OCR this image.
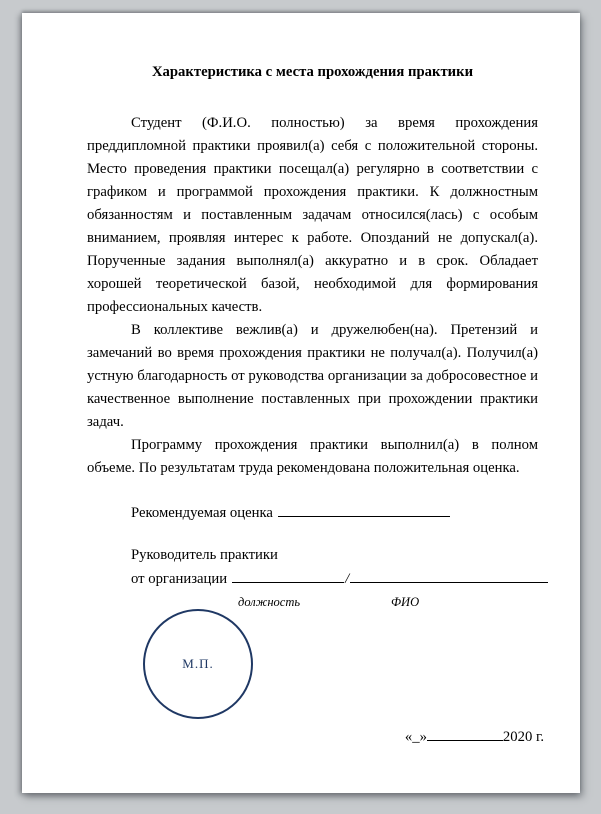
Характеристика с места прохождения практики

Студент (Ф.И.О. полностью) за время прохождения преддипломной практики проявил(а) себя с положительной стороны. Место проведения практики посещал(а) регулярно в соответствии с графиком и программой прохождения практики. К должностным обязанностям и поставленным задачам относился(лась) с особым вниманием, проявляя интерес к работе. Опозданий не допускал(а). Порученные задания выполнял(а) аккуратно и в срок. Обладает хорошей теоретической базой, необходимой для формирования профессиональных качеств.

В коллективе вежлив(а) и дружелюбен(на). Претензий и замечаний во время прохождения практики не получал(а). Получил(а) устную благодарность от руководства организации за добросовестное и качественное выполнение поставленных при прохождении практики задач.

Программу прохождения практики выполнил(а) в полном объеме. По результатам труда рекомендована положительная оценка.

Рекомендуемая оценка
Руководитель практики
от организации	/
должность	ФИО
М.П.
«_»	2020 г.
